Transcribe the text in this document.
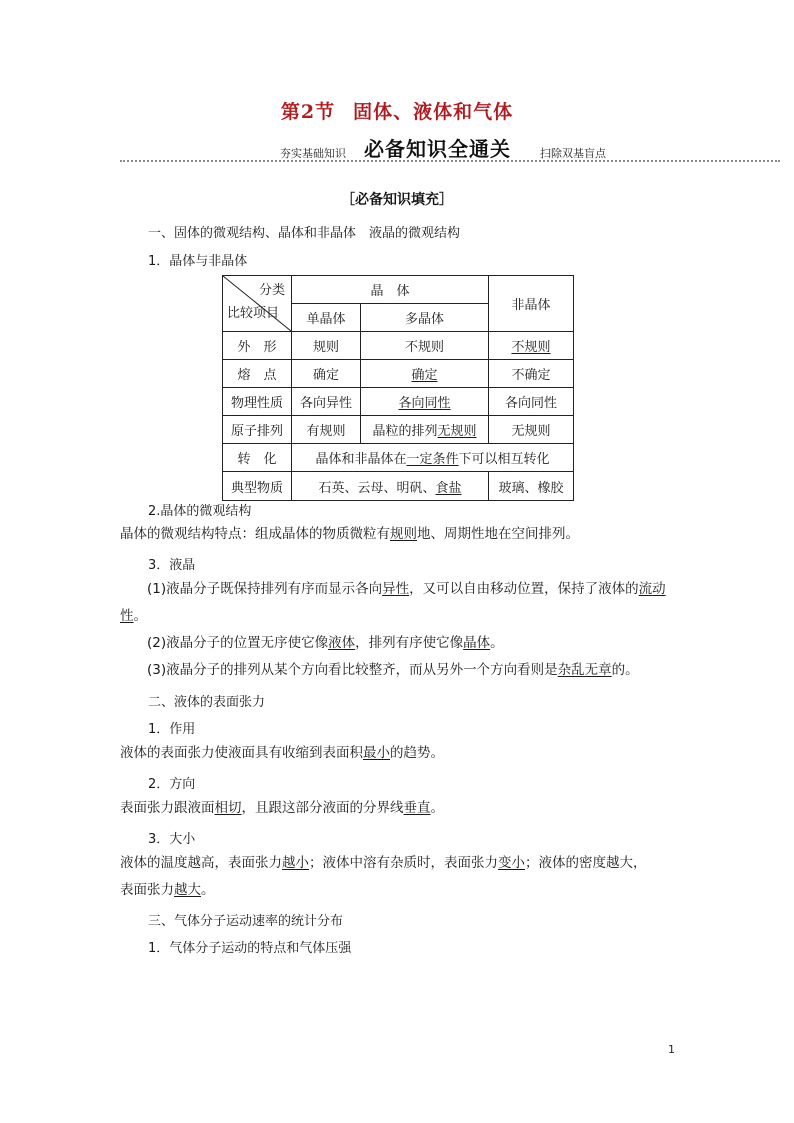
第2节 固体、液体和气体
夯实基础知识 必备知识全通关	扫除双基盲点
［必备知识填充］
一、固体的微观结构、晶体和非晶体　液晶的微观结构
1．晶体与非晶体
分类
比较项目	晶　体		非晶体
	单晶体	多晶体	
外　形	规则	不规则	不规则
熔　点	确定	确定	不确定
物理性质	各向异性	各向同性	各向同性
原子排列	有规则	晶粒的排列无规则	无规则
转　化	晶体和非晶体在一定条件下可以相互转化		
典型物质	石英、云母、明矾、食盐		玻璃、橡胶
2.晶体的微观结构
晶体的微观结构特点：组成晶体的物质微粒有规则地、周期性地在空间排列。
3．液晶
(1)液晶分子既保持排列有序而显示各向异性，又可以自由移动位置，保持了液体的流动性。
(2)液晶分子的位置无序使它像液体，排列有序使它像晶体。
(3)液晶分子的排列从某个方向看比较整齐，而从另外一个方向看则是杂乱无章的。
二、液体的表面张力
1．作用
液体的表面张力使液面具有收缩到表面积最小的趋势。
2．方向
表面张力跟液面相切，且跟这部分液面的分界线垂直。
3．大小
液体的温度越高，表面张力越小；液体中溶有杂质时，表面张力变小；液体的密度越大，
表面张力越大。
三、气体分子运动速率的统计分布
1．气体分子运动的特点和气体压强
1
